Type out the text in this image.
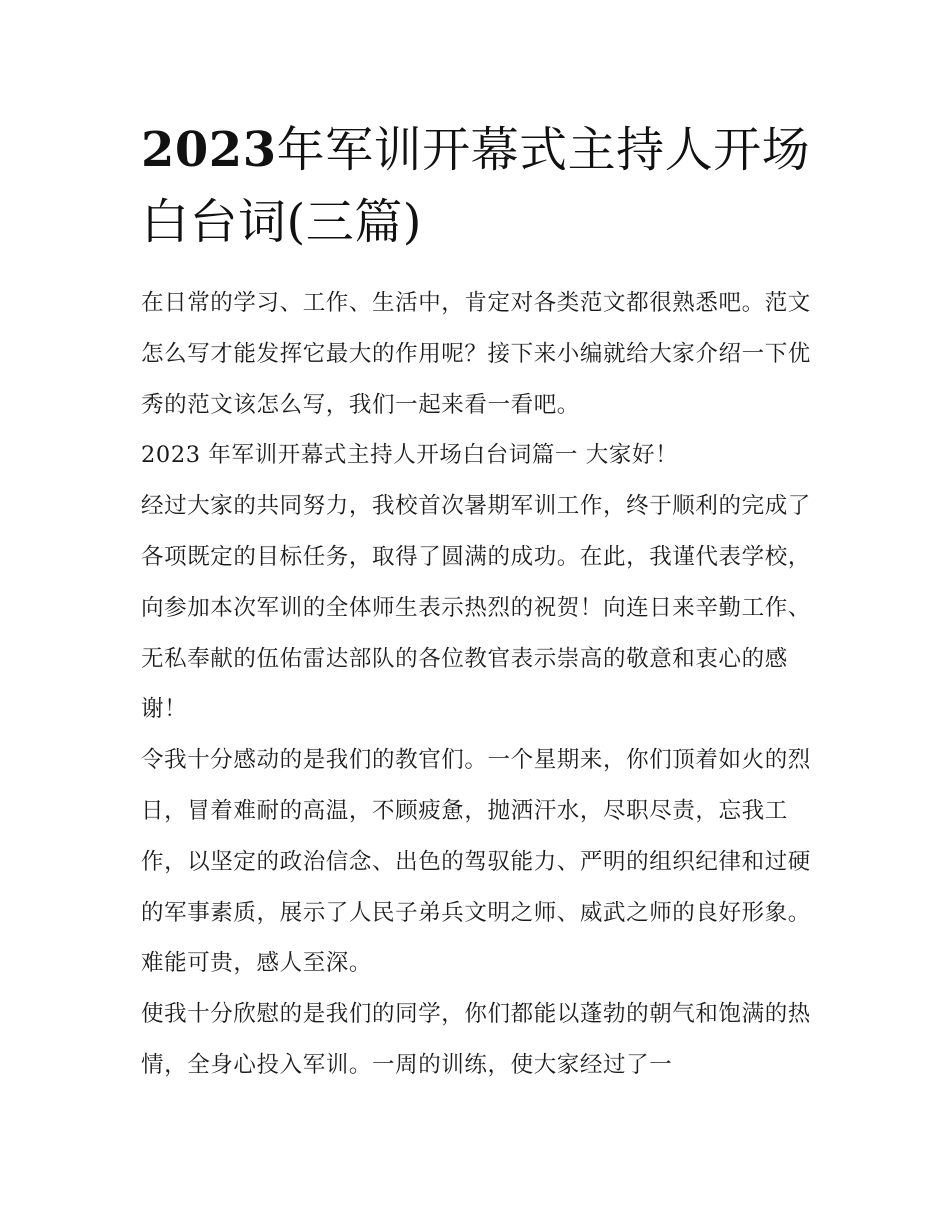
2023年军训开幕式主持人开场白台词(三篇)

在日常的学习、工作、生活中，肯定对各类范文都很熟悉吧。范文怎么写才能发挥它最大的作用呢？接下来小编就给大家介绍一下优秀的范文该怎么写，我们一起来看一看吧。

2023 年军训开幕式主持人开场白台词篇一 大家好！

经过大家的共同努力，我校首次暑期军训工作，终于顺利的完成了各项既定的目标任务，取得了圆满的成功。在此，我谨代表学校，向参加本次军训的全体师生表示热烈的祝贺！向连日来辛勤工作、无私奉献的伍佑雷达部队的各位教官表示崇高的敬意和衷心的感谢！

令我十分感动的是我们的教官们。一个星期来，你们顶着如火的烈日，冒着难耐的高温，不顾疲惫，抛洒汗水，尽职尽责，忘我工作，以坚定的政治信念、出色的驾驭能力、严明的组织纪律和过硬的军事素质，展示了人民子弟兵文明之师、威武之师的良好形象。难能可贵，感人至深。

使我十分欣慰的是我们的同学，你们都能以蓬勃的朝气和饱满的热情，全身心投入军训。一周的训练，使大家经过了一
